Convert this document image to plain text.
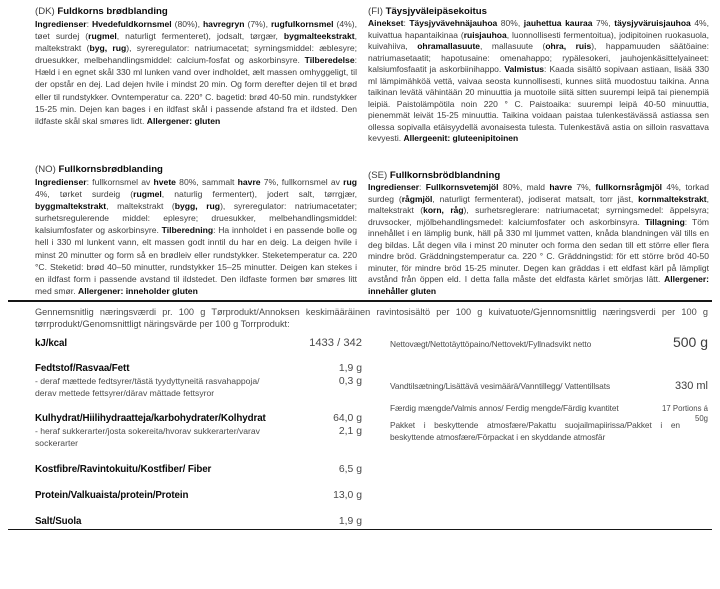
(DK) Fuldkorns brødblanding

Ingredienser: Hvedefuldkornsmel (80%), havregryn (7%), rugfulkornsmel (4%), tøet surdej (rugmel, naturligt fermenteret), jodsalt, tørgær, bygmalteekstrakt, maltekstrakt (byg, rug), syreregulator: natriumacetat; syrningsmiddel: æblesyre; druesukker, melbehandlingsmiddel: calcium-fosfat og askorbinsyre. Tilberedelse: Hæld i en egnet skål 330 ml lunken vand over indholdet, ælt massen omhyggeligt, til der opstår en dej. Lad dejen hvile i mindst 20 min. Og form derefter dejen til et brød eller til rundstykker. Ovntemperatur ca. 220° C. bagetid: brød 40-50 min. rundstykker 15-25 min. Dejen kan bages i en ildfast skål i passende afstand fra et ildsted. Den ildfaste skål skal smøres lidt. Allergener: gluten

(NO) Fullkornsbrødblanding

Ingredienser: fullkornsmel av hvete 80%, sammalt havre 7%, fullkornsmel av rug 4%, tørket surdeig (rugmel, naturlig fermentert), jodert salt, tørrgjær, byggmaltekstrakt, maltekstrakt (bygg, rug), syreregulator: natriumacetater; surhetsregulerende middel: eplesyre; druesukker, melbehandlingsmiddel: kalsiumfosfater og askorbinsyre. Tilberedning: Ha innholdet i en passende bolle og hell i 330 ml lunkent vann, elt massen godt inntil du har en deig. La deigen hvile i minst 20 minutter og form så en brødleiv eller rundstykker. Steketemperatur ca. 220 °C. Steketid: brød 40–50 minutter, rundstykker 15–25 minutter. Deigen kan stekes i en ildfast form i passende avstand til ildstedet. Den ildfaste formen bør smøres litt med smør. Allergener: inneholder gluten

(FI) Täysjyväleipäsekoitus

Ainekset: Täysjyvävehnäjauhoa 80%, jauhettua kauraa 7%, täysjyväruisjauhoa 4%, kuivattua hapantaikinaa (ruisjauhoa, luonnollisesti fermentoitua), jodipitoinen ruokasuola, kuivahiiva, ohramallasuute, mallasuute (ohra, ruis), happamuuden säätöaine: natriumasetaatit; hapotusaine: omenahappo; rypälesokeri, jauhojenkäsittelyaineet: kalsiumfosfaatit ja askorbiinihappo. Valmistus: Kaada sisältö sopivaan astiaan, lisää 330 ml lämpimähköä vettä, vaivaa seosta kunnollisesti, kunnes siitä muodostuu taikina. Anna taikinan levätä vähintään 20 minuuttia ja muotoile siitä sitten suurempi leipä tai pienempiä leipiä. Paistolämpötila noin 220 ° C. Paistoaika: suurempi leipä 40-50 minuuttia, pienemmät leivät 15-25 minuuttia. Taikina voidaan paistaa tulenkestävässä astiassa sen ollessa sopivalla etäisyydellä avonaisesta tulesta. Tulenkestävä astia on silloin rasvattava kevyesti. Allergeenit: gluteenipitoinen

(SE) Fullkornsbrödblandning

Ingredienser: Fullkornsvetemjöl 80%, mald havre 7%, fullkornsrågmjöl 4%, torkad surdeg (rågmjöl, naturligt fermenterat), jodiserat matsalt, torr jäst, kornmaltekstrakt, maltekstrakt (korn, råg), surhetsreglerare: natriumacetat; syrningsmedel: äppelsyra; druvsocker, mjölbehandlingsmedel: kalciumfosfater och askorbinsyra. Tillagning: Töm innehållet i en lämplig bunk, häll på 330 ml ljummet vatten, knåda blandningen väl tills en deg bildas. Låt degen vila i minst 20 minuter och forma den sedan till ett större eller flera mindre bröd. Gräddningstemperatur ca. 220 ° C. Gräddningstid: för ett större bröd 40-50 minuter, för mindre bröd 15-25 minuter. Degen kan gräddas i ett eldfast kärl på lämpligt avstånd från öppen eld. I detta falla måste det eldfasta kärlet smörjas lätt. Allergener: innehåller gluten

Gennemsnitlig næringsværdi pr. 100 g Tørprodukt/Annoksen keskimääräinen ravintosisältö per 100 g kuivatuote/Gjennomsnittlig næringsverdi per 100 g tørrprodukt/Genomsnittligt näringsvärde per 100 g Torrprodukt:

kJ/kcal	1433 / 342
Fedtstof/Rasvaa/Fett	1,9 g
- deraf mættede fedtsyrer/tästä tyydyttyneitä rasvahappoja/	0,3 g
derav mettede fettsyrer/därav mättade fettsyror
Kulhydrat/Hiilihydraatteja/karbohydrater/Kolhydrat	64,0 g
- heraf sukkerarter/josta sokereita/hvorav sukkerarter/varav	2,1 g
sockerarter
Kostfibre/Ravintokuitu/Kostfiber/ Fiber	6,5 g
Protein/Valkuaista/protein/Protein	13,0 g
Salt/Suola	1,9 g
Nettovægt/Nettotäyttöpaino/Nettovekt/Fyllnadsvikt netto	500 g
Vandtilsætning/Lisättävä vesimäärä/Vanntillegg/ Vattentillsats	330 ml
Færdig mængde/Valmis annos/ Ferdig mengde/Färdig kvantitet	17 Portions á
50g
Pakket i beskyttende atmosfære/Pakattu suojailmapiirissa/Pakket i en beskyttende atmosfære/Förpackat i en skyddande atmosfär
